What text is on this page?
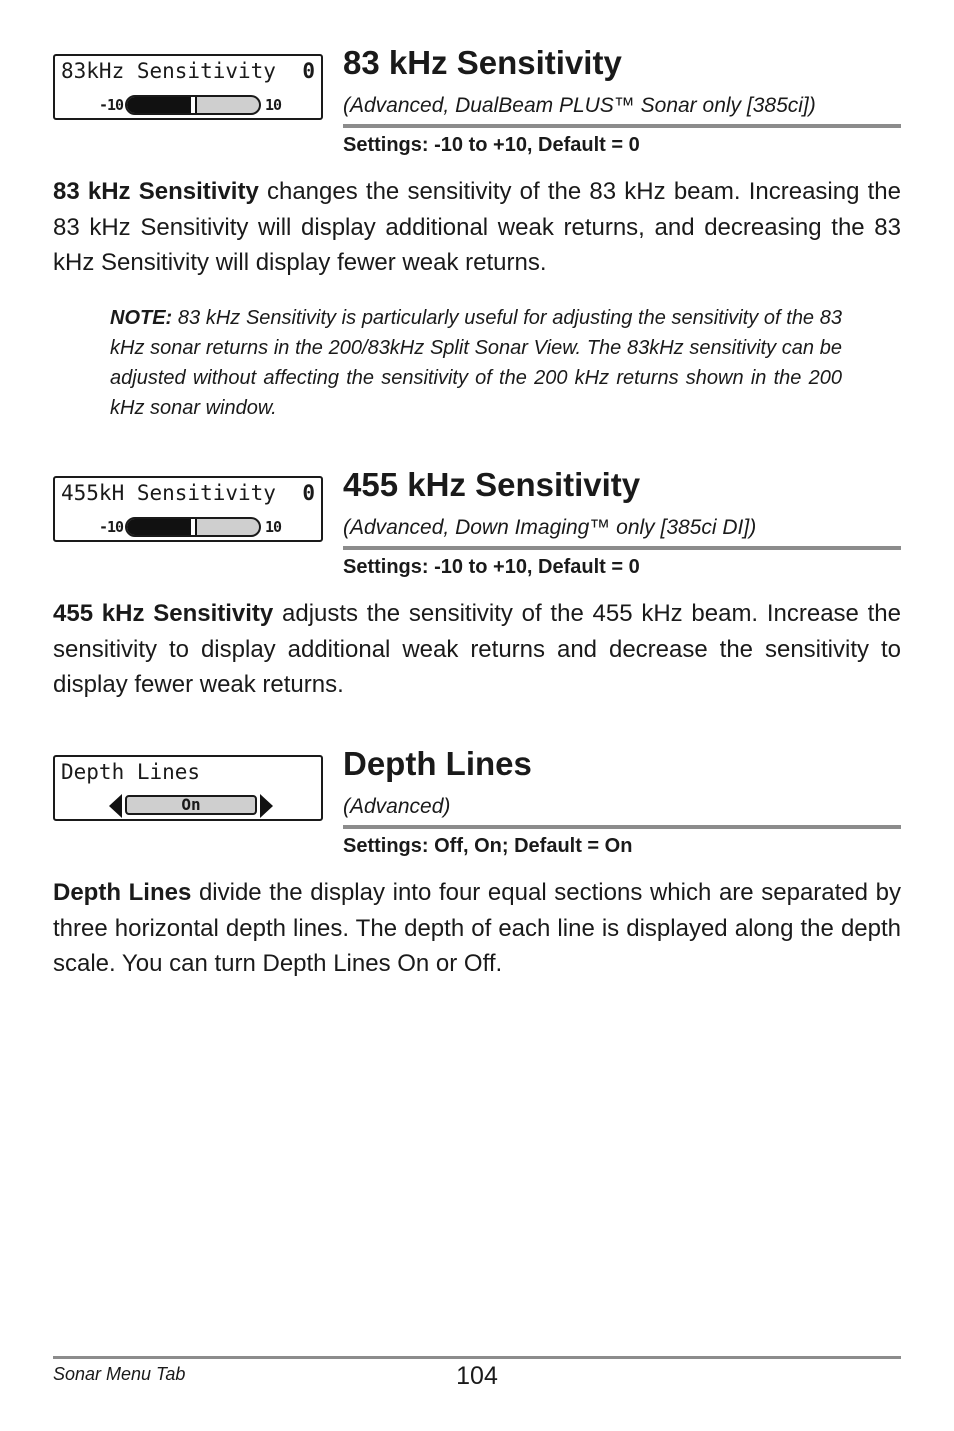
83kHz Sensitivity 0
-10	10
83 kHz Sensitivity
(Advanced, DualBeam PLUS™ Sonar only [385ci])
Settings: -10 to +10, Default = 0

83 kHz Sensitivity changes the sensitivity of the 83 kHz beam. Increasing the 83 kHz Sensitivity will display additional weak returns, and decreasing the 83 kHz Sensitivity will display fewer weak returns.

NOTE: 83 kHz Sensitivity is particularly useful for adjusting the sensitivity of the 83 kHz sonar returns in the 200/83kHz Split Sonar View. The 83kHz sensitivity can be adjusted without affecting the sensitivity of the 200 kHz returns shown in the 200 kHz sonar window.
455kH Sensitivity 0
-10	10
455 kHz Sensitivity
(Advanced, Down Imaging™ only [385ci DI])
Settings: -10 to +10, Default = 0

455 kHz Sensitivity adjusts the sensitivity of the 455 kHz beam. Increase the sensitivity to display additional weak returns and decrease the sensitivity to display fewer weak returns.

Depth Lines
On
Depth Lines
(Advanced)
Settings: Off, On; Default = On

Depth Lines divide the display into four equal sections which are separated by three horizontal depth lines. The depth of each line is displayed along the depth scale. You can turn Depth Lines On or Off.

Sonar Menu Tab	104
